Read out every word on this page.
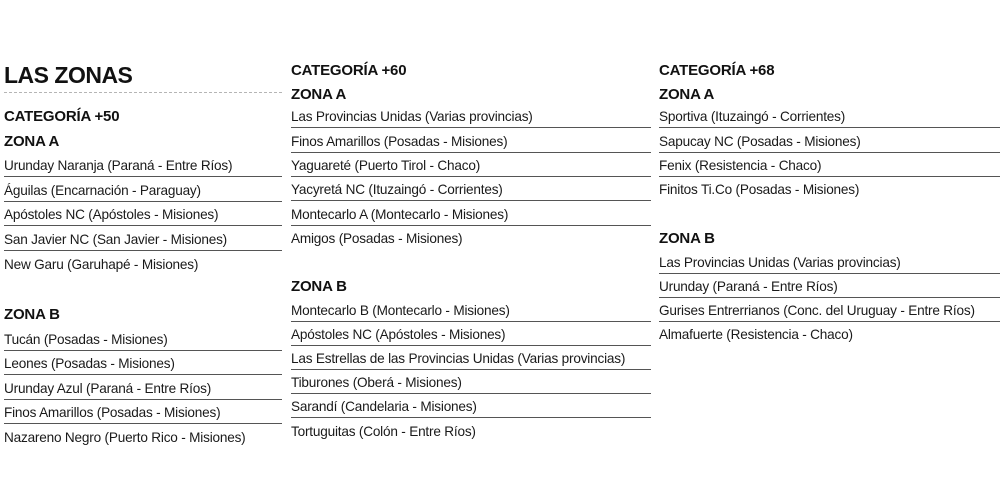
LAS ZONAS
CATEGORÍA +50
ZONA A
Urunday Naranja (Paraná - Entre Ríos)
Águilas (Encarnación - Paraguay)
Apóstoles NC (Apóstoles - Misiones)
San Javier NC (San Javier - Misiones)
New Garu (Garuhapé - Misiones)
ZONA B
Tucán (Posadas - Misiones)
Leones (Posadas - Misiones)
Urunday Azul (Paraná - Entre Ríos)
Finos Amarillos (Posadas - Misiones)
Nazareno Negro (Puerto Rico - Misiones)
CATEGORÍA +60
ZONA A
Las Provincias Unidas (Varias provincias)
Finos Amarillos (Posadas - Misiones)
Yaguareté (Puerto Tirol - Chaco)
Yacyretá NC (Ituzaingó - Corrientes)
Montecarlo A (Montecarlo - Misiones)
Amigos (Posadas - Misiones)
ZONA B
Montecarlo B (Montecarlo - Misiones)
Apóstoles NC (Apóstoles - Misiones)
Las Estrellas de las Provincias Unidas (Varias provincias)
Tiburones (Oberá - Misiones)
Sarandí (Candelaria - Misiones)
Tortuguitas (Colón - Entre Ríos)
CATEGORÍA +68
ZONA A
Sportiva (Ituzaingó - Corrientes)
Sapucay NC (Posadas - Misiones)
Fenix (Resistencia - Chaco)
Finitos Ti.Co (Posadas - Misiones)
ZONA B
Las Provincias Unidas (Varias provincias)
Urunday (Paraná - Entre Ríos)
Gurises Entrerrianos (Conc. del Uruguay - Entre Ríos)
Almafuerte (Resistencia - Chaco)
